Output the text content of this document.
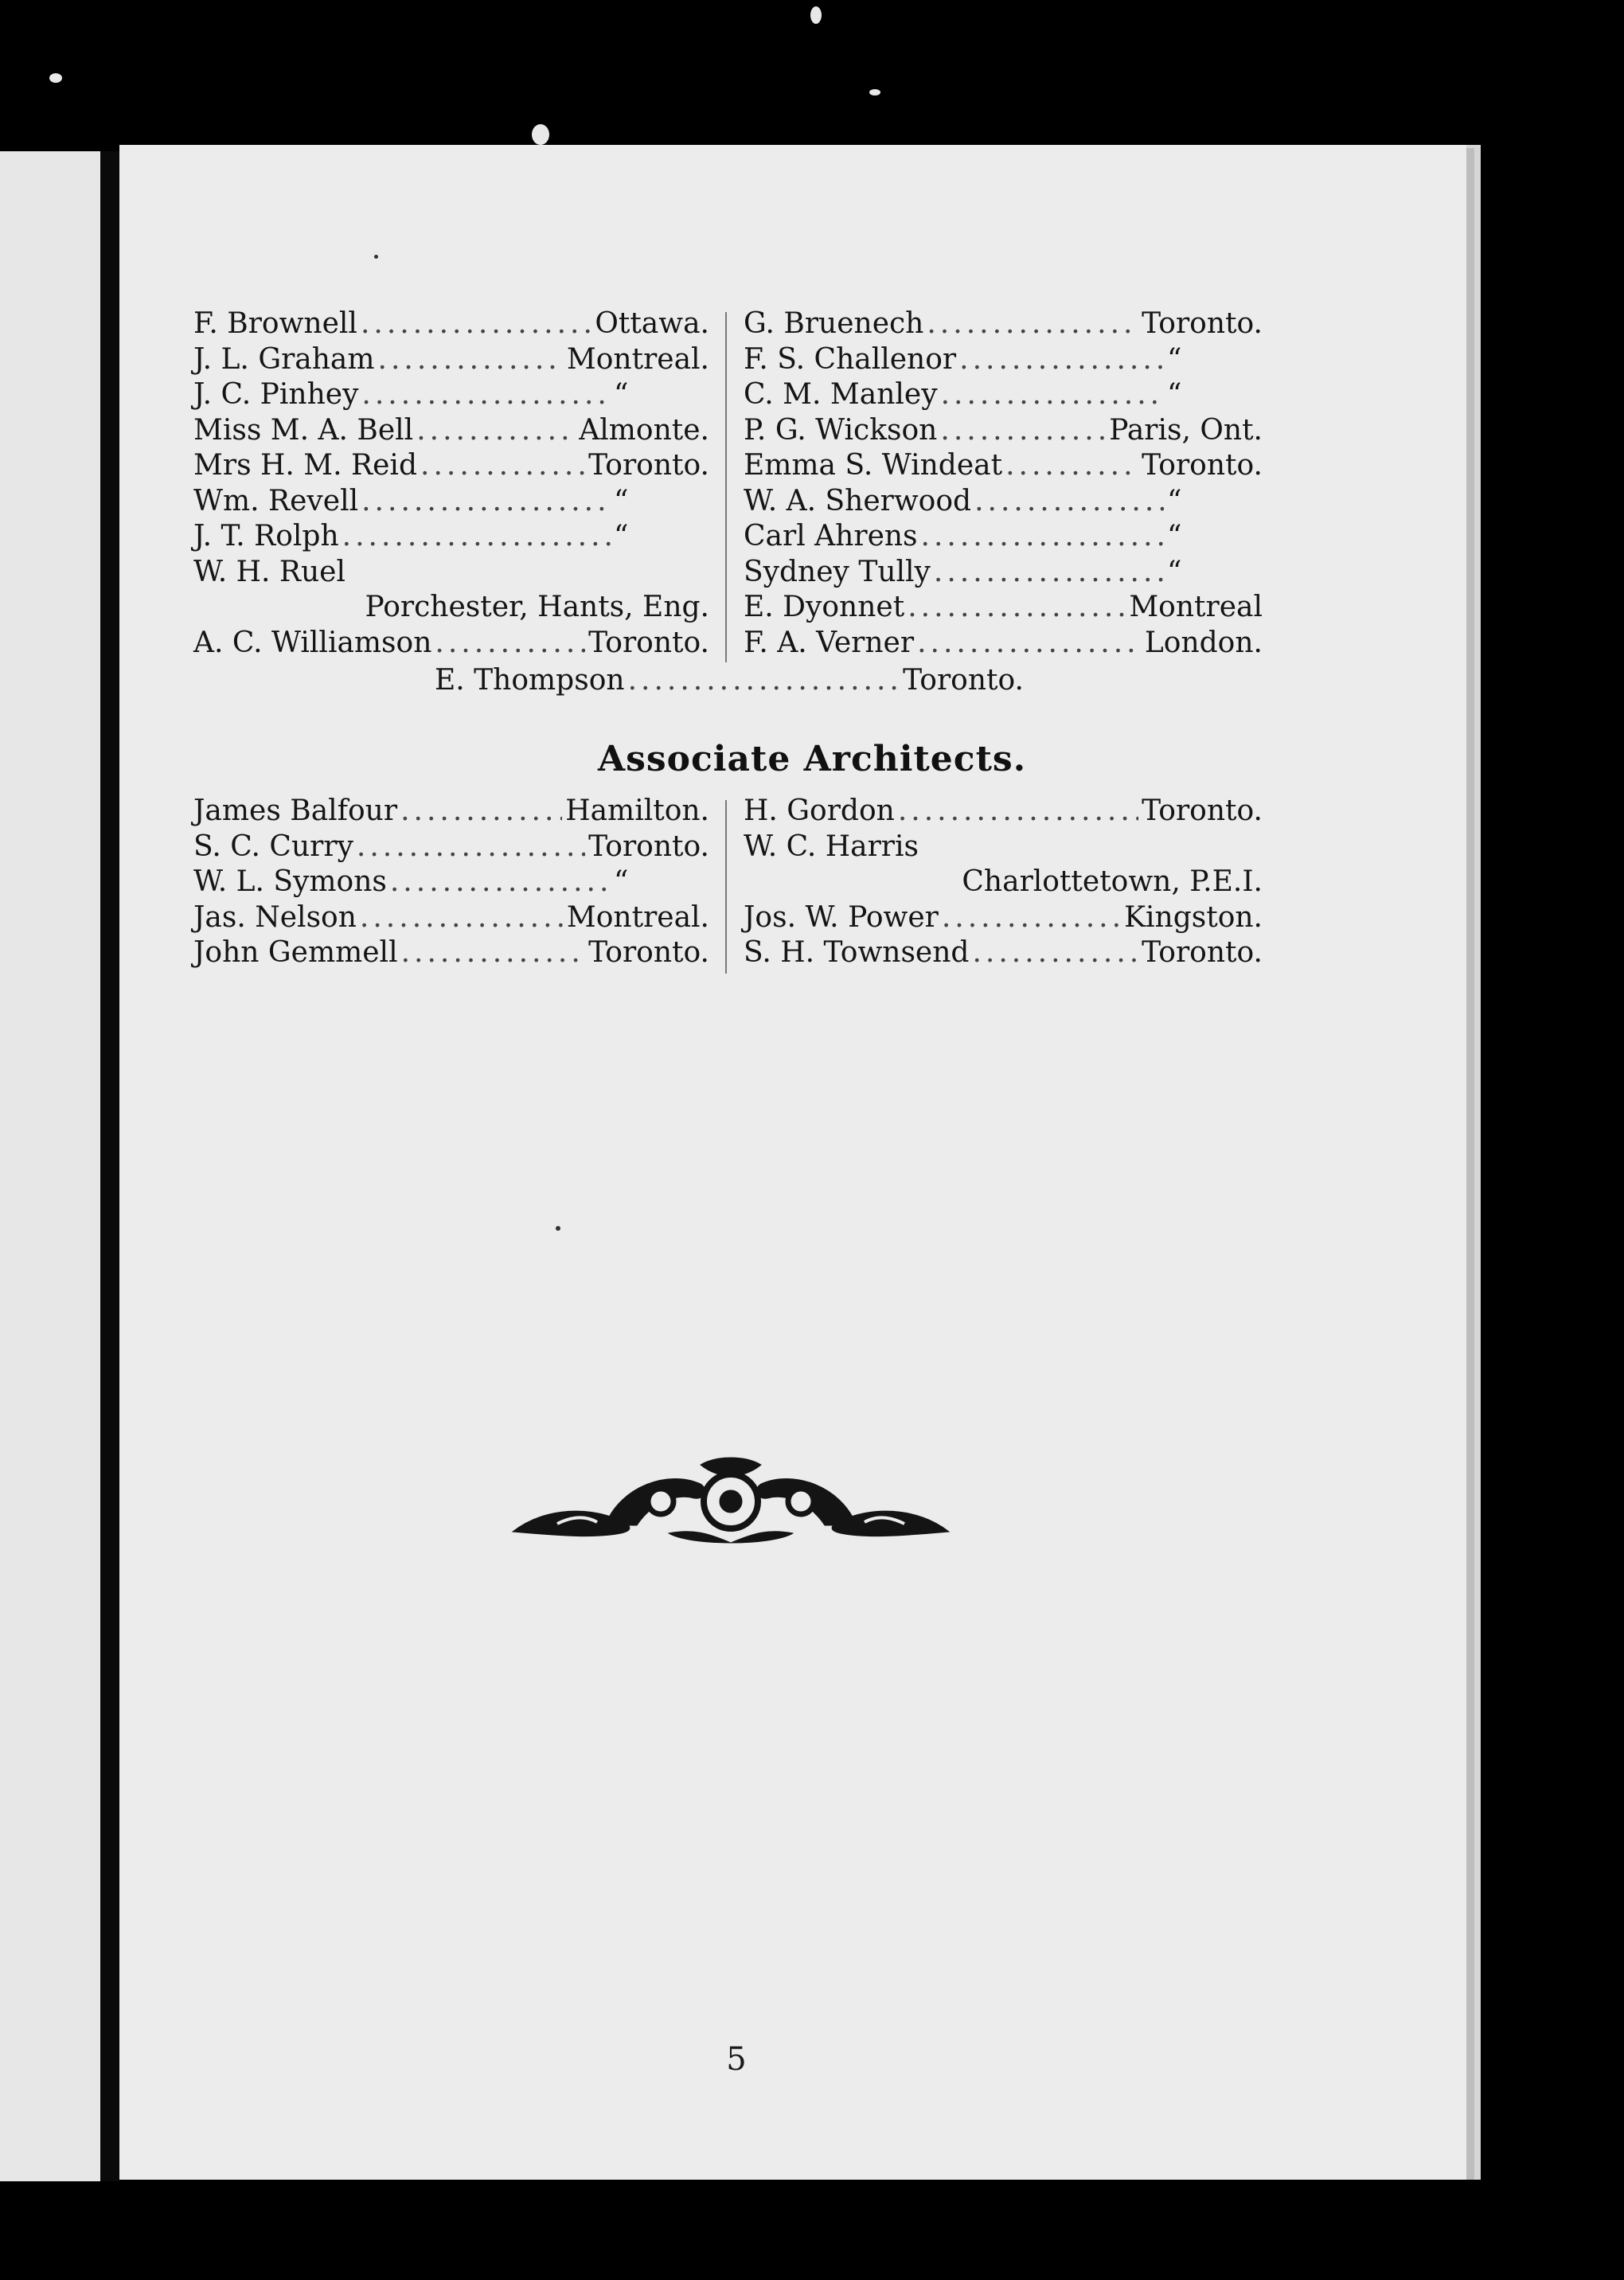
F. Brownell .....	Ottawa.
J. L. Graham .....	Montreal.
J. C. Pinhey .....	“
Miss M. A. Bell .....	Almonte.
Mrs H. M. Reid .....	Toronto.
Wm. Revell .....	“
J. T. Rolph .....	“
W. H. Ruel
Porchester, Hants, Eng.
A. C. Williamson .....	Toronto.
G. Bruenech .....	Toronto.
F. S. Challenor .....	“
C. M. Manley .....	“
P. G. Wickson .....	Paris, Ont.
Emma S. Windeat .....	Toronto.
W. A. Sherwood .....	“
Carl Ahrens .....	“
Sydney Tully .....	“
E. Dyonnet .....	Montreal
F. A. Verner .....	London.
E. Thompson .....	Toronto.
Associate Architects.
James Balfour .....	Hamilton.
S. C. Curry .....	Toronto.
W. L. Symons .....	“
Jas. Nelson .....	Montreal.
John Gemmell .....	Toronto.
H. Gordon .....	Toronto.
W. C. Harris
Charlottetown, P.E.I.
Jos. W. Power .....	Kingston.
S. H. Townsend .....	Toronto.
5
